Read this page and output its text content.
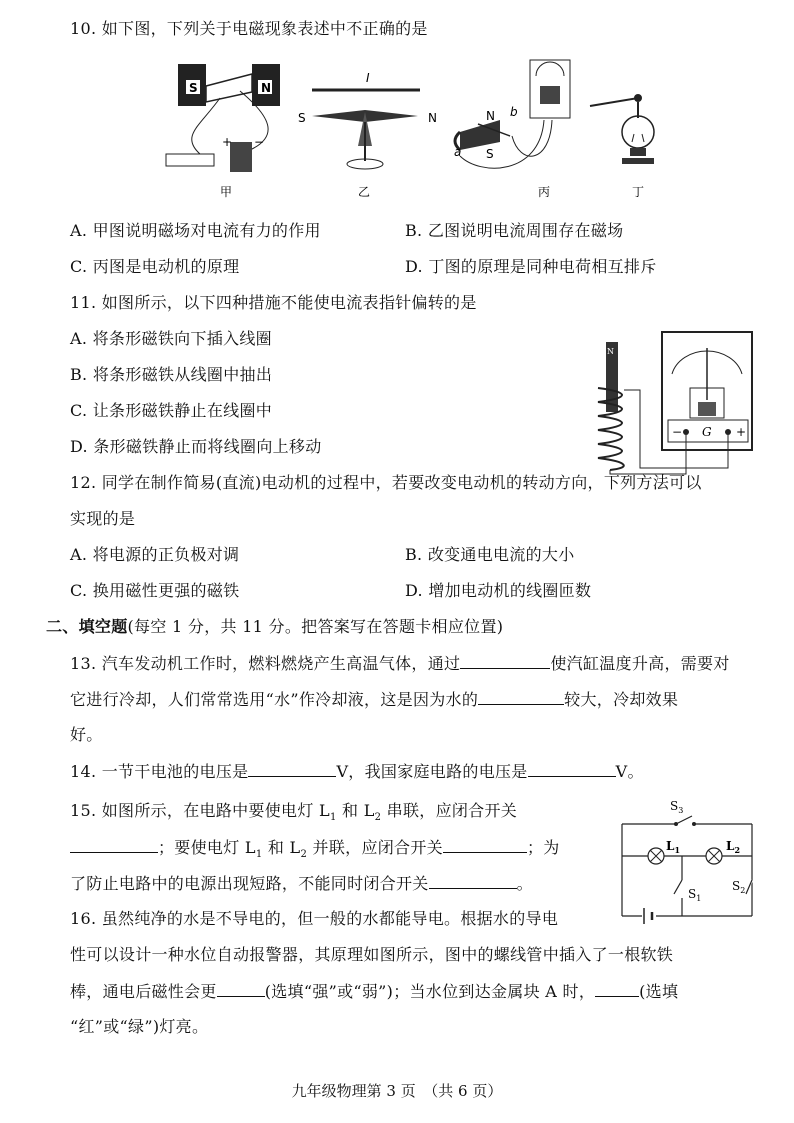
10. 如下图，下列关于电磁现象表述中不正确的是
S	N
+ −
甲
I
S	N
乙
N
S
a
b
丙	丁
A. 甲图说明磁场对电流有力的作用	B. 乙图说明电流周围存在磁场
C. 丙图是电动机的原理	D. 丁图的原理是同种电荷相互排斥
11. 如图所示，以下四种措施不能使电流表指针偏转的是
A. 将条形磁铁向下插入线圈
B. 将条形磁铁从线圈中抽出
C. 让条形磁铁静止在线圈中
D. 条形磁铁静止而将线圈向上移动
N
− G +
12. 同学在制作简易(直流)电动机的过程中，若要改变电动机的转动方向，下列方法可以
实现的是
A. 将电源的正负极对调	B. 改变通电电流的大小
C. 换用磁性更强的磁铁	D. 增加电动机的线圈匝数
二、填空题(每空 1 分，共 11 分。把答案写在答题卡相应位置)
13. 汽车发动机工作时，燃料燃烧产生高温气体，通过	使汽缸温度升高，需要对
它进行冷却，人们常常选用“水”作冷却液，这是因为水的	较大，冷却效果
好。
14. 一节干电池的电压是	V，我国家庭电路的电压是	V。
15. 如图所示，在电路中要使电灯 $L_1$ 和 $L_2$ 串联，应闭合开关
；要使电灯 $L_1$ 和 $L_2$ 并联，应闭合开关	；为
了防止电路中的电源出现短路，不能同时闭合开关	。
$S_3$
$L_1$	$L_2$
$S_1$
$S_2$
16. 虽然纯净的水是不导电的，但一般的水都能导电。根据水的导电
性可以设计一种水位自动报警器，其原理如图所示，图中的螺线管中插入了一根软铁
棒，通电后磁性会更	(选填“强”或“弱”)；当水位到达金属块 A 时，	(选填
“红”或“绿”)灯亮。
九年级物理第 3 页　（共 6 页）
